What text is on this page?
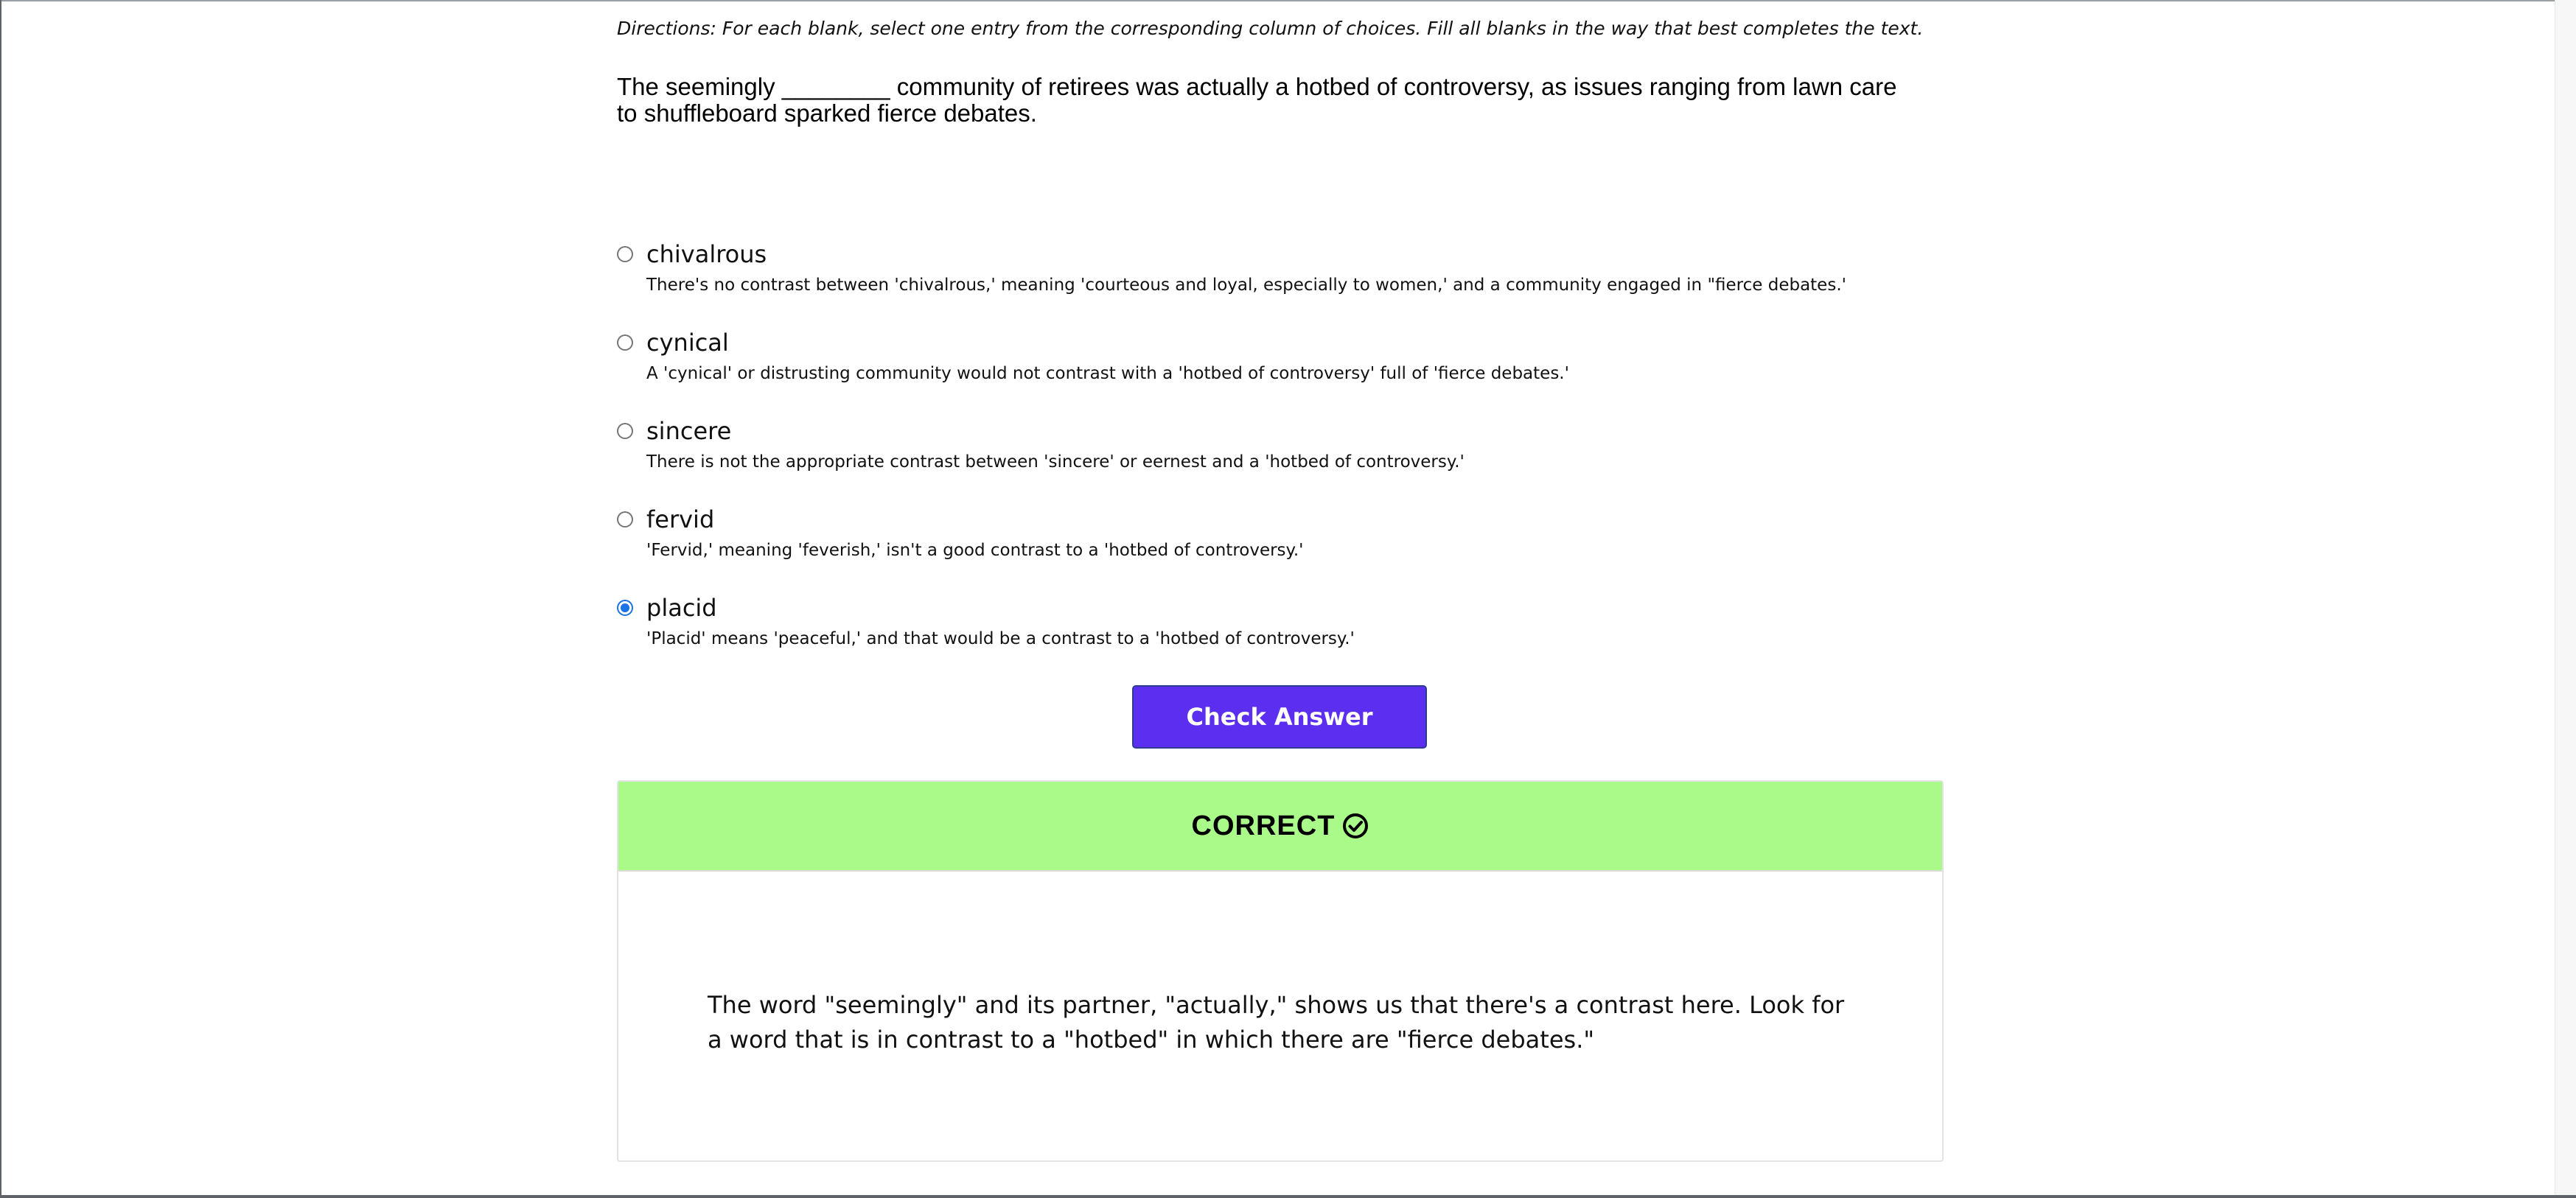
Directions: For each blank, select one entry from the corresponding column of choices. Fill all blanks in the way that best completes the text.
The seemingly ________ community of retirees was actually a hotbed of controversy, as issues ranging from lawn care to shuffleboard sparked fierce debates.
chivalrous
There's no contrast between 'chivalrous,' meaning 'courteous and loyal, especially to women,' and a community engaged in "fierce debates.'
cynical
A 'cynical' or distrusting community would not contrast with a 'hotbed of controversy' full of 'fierce debates.'
sincere
There is not the appropriate contrast between 'sincere' or eernest and a 'hotbed of controversy.'
fervid
'Fervid,' meaning 'feverish,' isn't a good contrast to a 'hotbed of controversy.'
placid
'Placid' means 'peaceful,' and that would be a contrast to a 'hotbed of controversy.'
Check Answer
CORRECT
The word "seemingly" and its partner, "actually," shows us that there's a contrast here. Look for a word that is in contrast to a "hotbed" in which there are "fierce debates."
